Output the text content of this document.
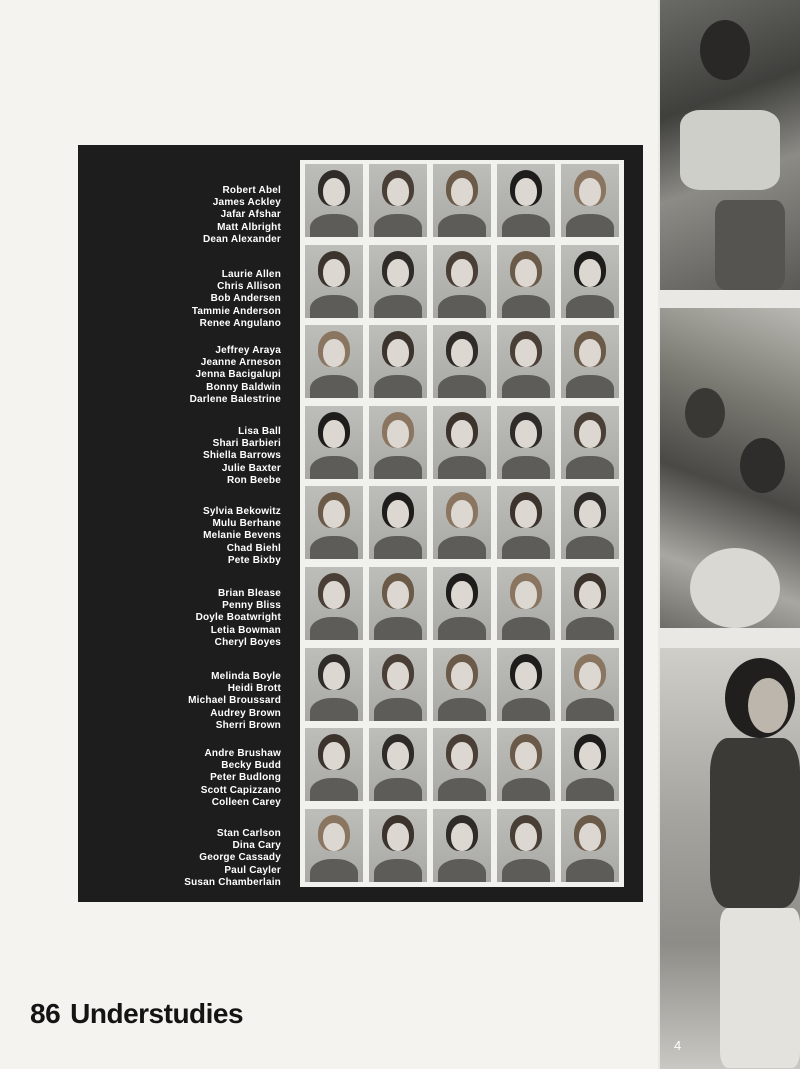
4
Robert Abel
James Ackley
Jafar Afshar
Matt Albright
Dean Alexander
Laurie Allen
Chris Allison
Bob Andersen
Tammie Anderson
Renee Angulano
Jeffrey Araya
Jeanne Arneson
Jenna Bacigalupi
Bonny Baldwin
Darlene Balestrine
Lisa Ball
Shari Barbieri
Shiella Barrows
Julie Baxter
Ron Beebe
Sylvia Bekowitz
Mulu Berhane
Melanie Bevens
Chad Biehl
Pete Bixby
Brian Blease
Penny Bliss
Doyle Boatwright
Letia Bowman
Cheryl Boyes
Melinda Boyle
Heidi Brott
Michael Broussard
Audrey Brown
Sherri Brown
Andre Brushaw
Becky Budd
Peter Budlong
Scott Capizzano
Colleen Carey
Stan Carlson
Dina Cary
George Cassady
Paul Cayler
Susan Chamberlain
86 Understudies
